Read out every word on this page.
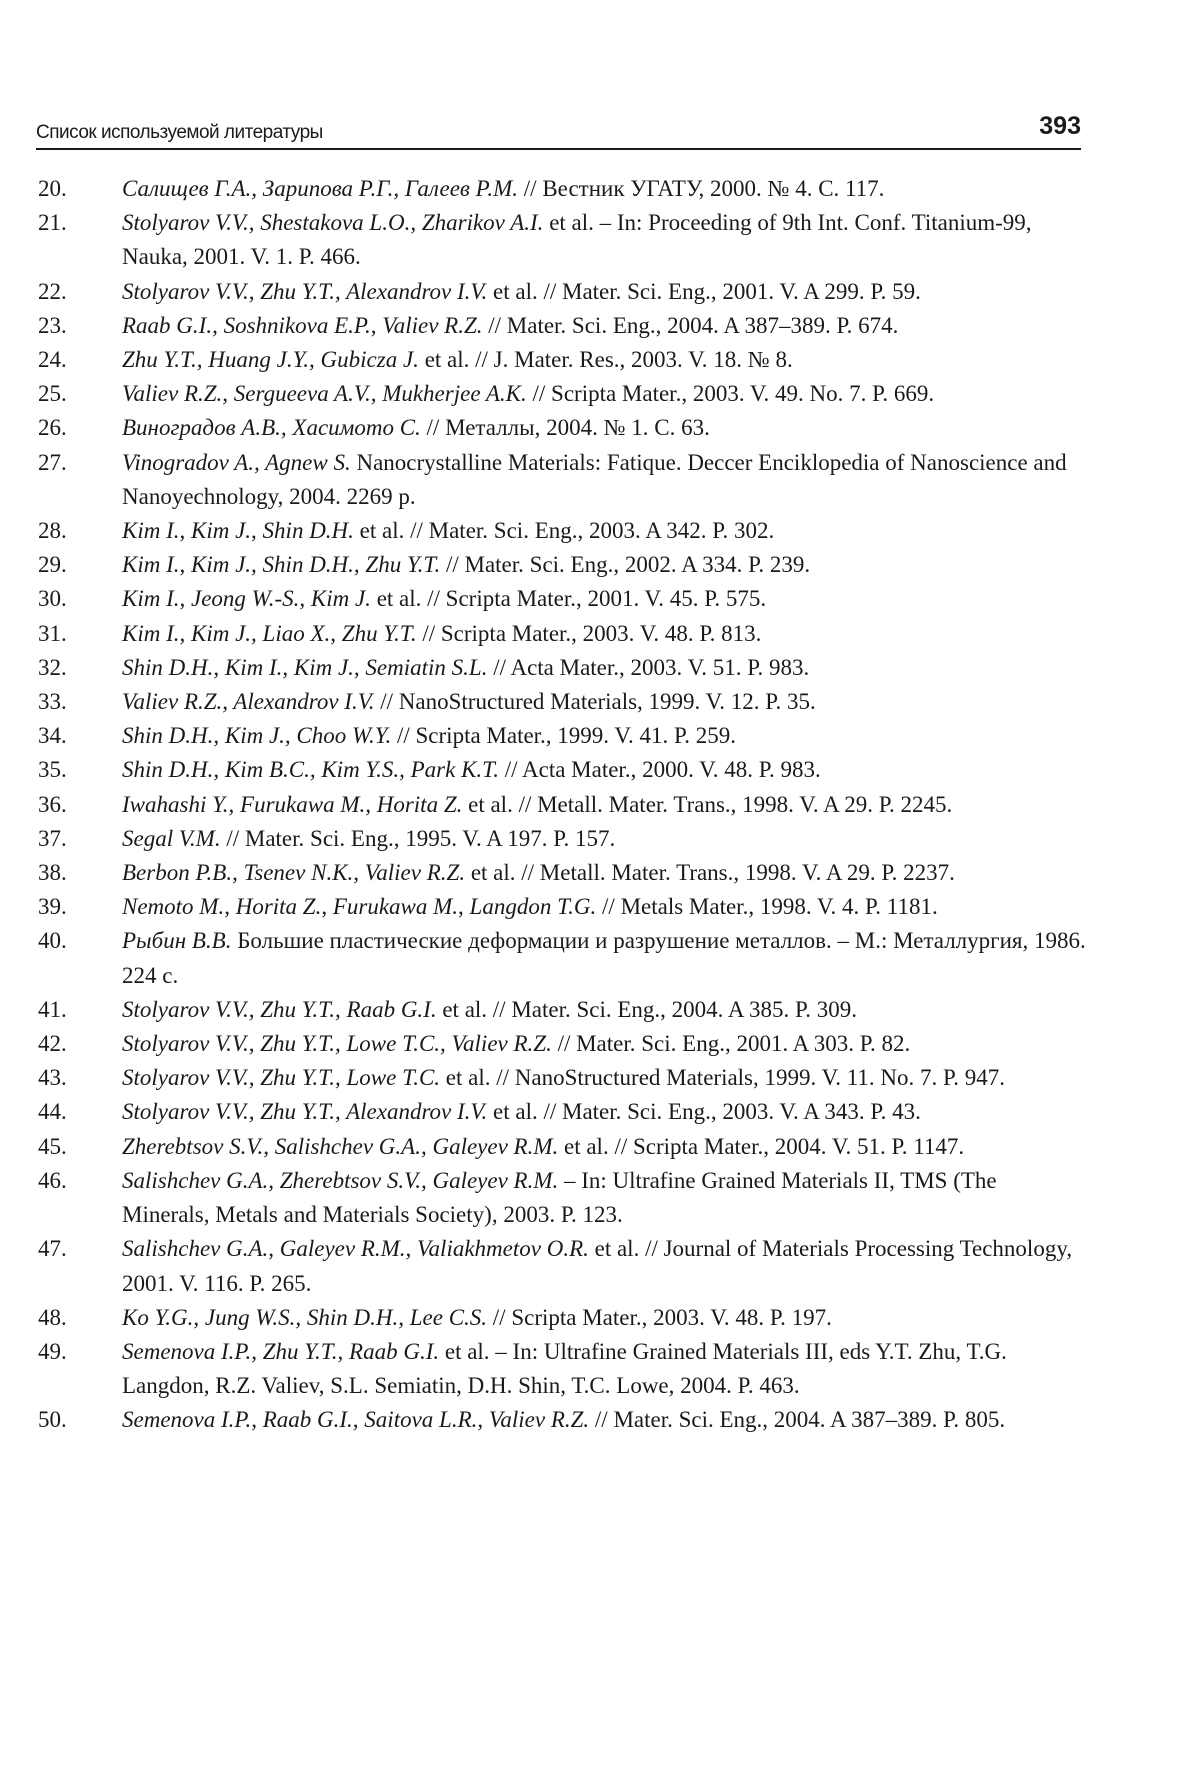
Список используемой литературы	393
20. Салищев Г.А., Зарипова Р.Г., Галеев Р.М. // Вестник УГАТУ, 2000. № 4. С. 117.
21. Stolyarov V.V., Shestakova L.O., Zharikov A.I. et al. – In: Proceeding of 9th Int. Conf. Titanium-99, Nauka, 2001. V. 1. P. 466.
22. Stolyarov V.V., Zhu Y.T., Alexandrov I.V. et al. // Mater. Sci. Eng., 2001. V. A 299. P. 59.
23. Raab G.I., Soshnikova E.P., Valiev R.Z. // Mater. Sci. Eng., 2004. A 387–389. P. 674.
24. Zhu Y.T., Huang J.Y., Gubicza J. et al. // J. Mater. Res., 2003. V. 18. № 8.
25. Valiev R.Z., Sergueeva A.V., Mukherjee A.K. // Scripta Mater., 2003. V. 49. No. 7. P. 669.
26. Виноградов А.В., Хасимото С. // Металлы, 2004. № 1. С. 63.
27. Vinogradov A., Agnew S. Nanocrystalline Materials: Fatique. Deccer Enciklopedia of Nanoscience and Nanoyechnology, 2004. 2269 p.
28. Kim I., Kim J., Shin D.H. et al. // Mater. Sci. Eng., 2003. A 342. P. 302.
29. Kim I., Kim J., Shin D.H., Zhu Y.T. // Mater. Sci. Eng., 2002. A 334. P. 239.
30. Kim I., Jeong W.-S., Kim J. et al. // Scripta Mater., 2001. V. 45. P. 575.
31. Kim I., Kim J., Liao X., Zhu Y.T. // Scripta Mater., 2003. V. 48. P. 813.
32. Shin D.H., Kim I., Kim J., Semiatin S.L. // Acta Mater., 2003. V. 51. P. 983.
33. Valiev R.Z., Alexandrov I.V. // NanoStructured Materials, 1999. V. 12. P. 35.
34. Shin D.H., Kim J., Choo W.Y. // Scripta Mater., 1999. V. 41. P. 259.
35. Shin D.H., Kim B.C., Kim Y.S., Park K.T. // Acta Mater., 2000. V. 48. P. 983.
36. Iwahashi Y., Furukawa M., Horita Z. et al. // Metall. Mater. Trans., 1998. V. A 29. P. 2245.
37. Segal V.M. // Mater. Sci. Eng., 1995. V. A 197. P. 157.
38. Berbon P.B., Tsenev N.K., Valiev R.Z. et al. // Metall. Mater. Trans., 1998. V. A 29. P. 2237.
39. Nemoto M., Horita Z., Furukawa M., Langdon T.G. // Metals Mater., 1998. V. 4. P. 1181.
40. Рыбин В.В. Большие пластические деформации и разрушение металлов. – М.: Металлургия, 1986. 224 с.
41. Stolyarov V.V., Zhu Y.T., Raab G.I. et al. // Mater. Sci. Eng., 2004. A 385. P. 309.
42. Stolyarov V.V., Zhu Y.T., Lowe T.C., Valiev R.Z. // Mater. Sci. Eng., 2001. A 303. P. 82.
43. Stolyarov V.V., Zhu Y.T., Lowe T.C. et al. // NanoStructured Materials, 1999. V. 11. No. 7. P. 947.
44. Stolyarov V.V., Zhu Y.T., Alexandrov I.V. et al. // Mater. Sci. Eng., 2003. V. A 343. P. 43.
45. Zherebtsov S.V., Salishchev G.A., Galeyev R.M. et al. // Scripta Mater., 2004. V. 51. P. 1147.
46. Salishchev G.A., Zherebtsov S.V., Galeyev R.M. – In: Ultrafine Grained Materials II, TMS (The Minerals, Metals and Materials Society), 2003. P. 123.
47. Salishchev G.A., Galeyev R.M., Valiakhmetov O.R. et al. // Journal of Materials Processing Technology, 2001. V. 116. P. 265.
48. Ko Y.G., Jung W.S., Shin D.H., Lee C.S. // Scripta Mater., 2003. V. 48. P. 197.
49. Semenova I.P., Zhu Y.T., Raab G.I. et al. – In: Ultrafine Grained Materials III, eds Y.T. Zhu, T.G. Langdon, R.Z. Valiev, S.L. Semiatin, D.H. Shin, T.C. Lowe, 2004. P. 463.
50. Semenova I.P., Raab G.I., Saitova L.R., Valiev R.Z. // Mater. Sci. Eng., 2004. A 387–389. P. 805.
